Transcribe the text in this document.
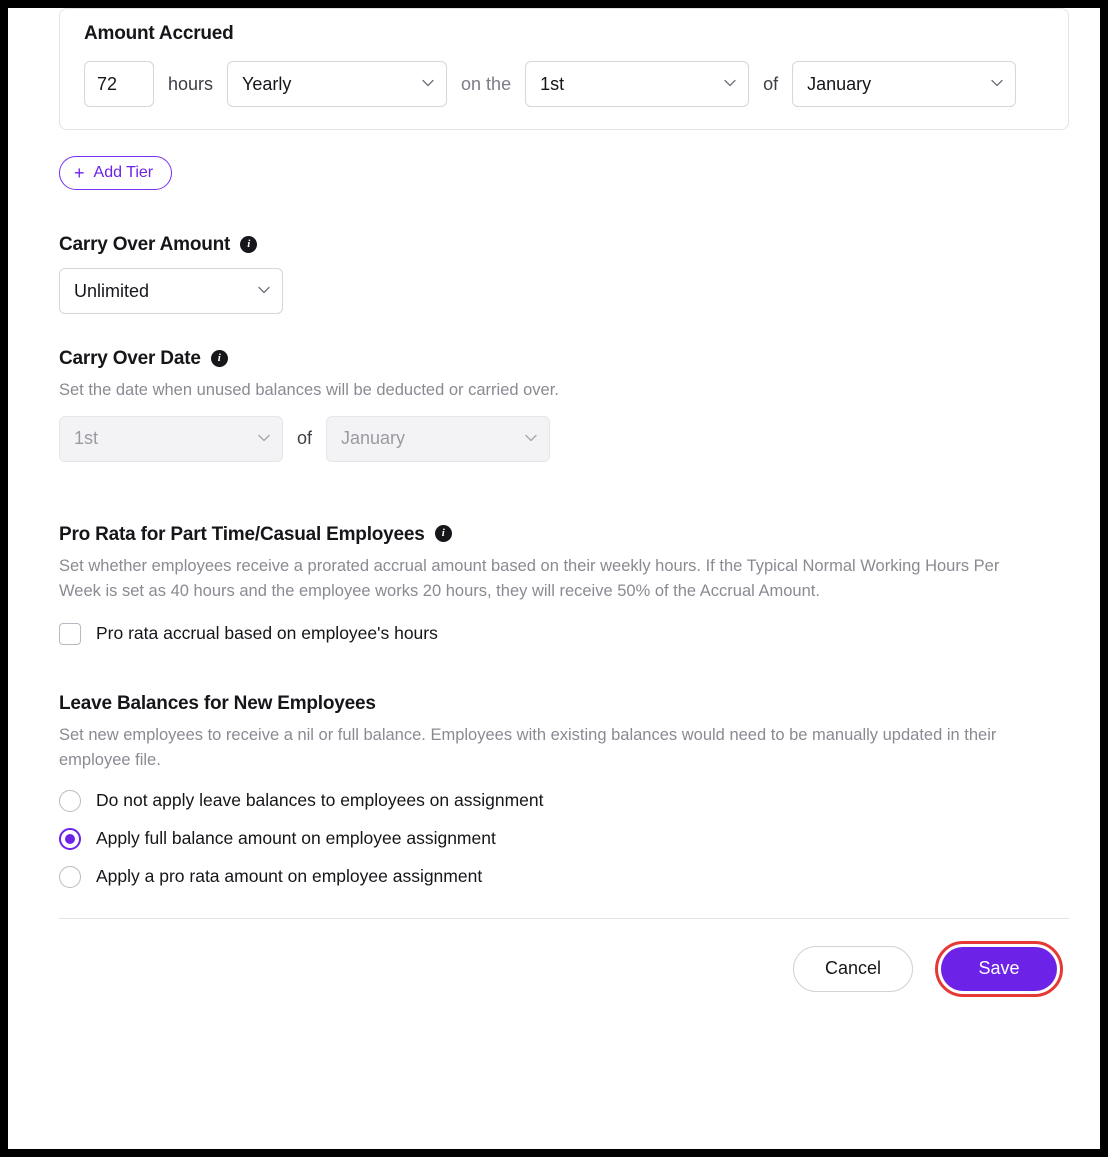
Amount Accrued
72
hours Yearly	on the 1st	of January
+ Add Tier
Carry Over Amount	i
Unlimited
Carry Over Date	i
Set the date when unused balances will be deducted or carried over.
1st	of January
Pro Rata for Part Time/Casual Employees	i
Set whether employees receive a prorated accrual amount based on their weekly hours. If the Typical Normal Working Hours Per Week is set as 40 hours and the employee works 20 hours, they will receive 50% of the Accrual Amount.
Pro rata accrual based on employee's hours
Leave Balances for New Employees
Set new employees to receive a nil or full balance. Employees with existing balances would need to be manually updated in their employee file.
Do not apply leave balances to employees on assignment
Apply full balance amount on employee assignment
Apply a pro rata amount on employee assignment
Cancel	Save
